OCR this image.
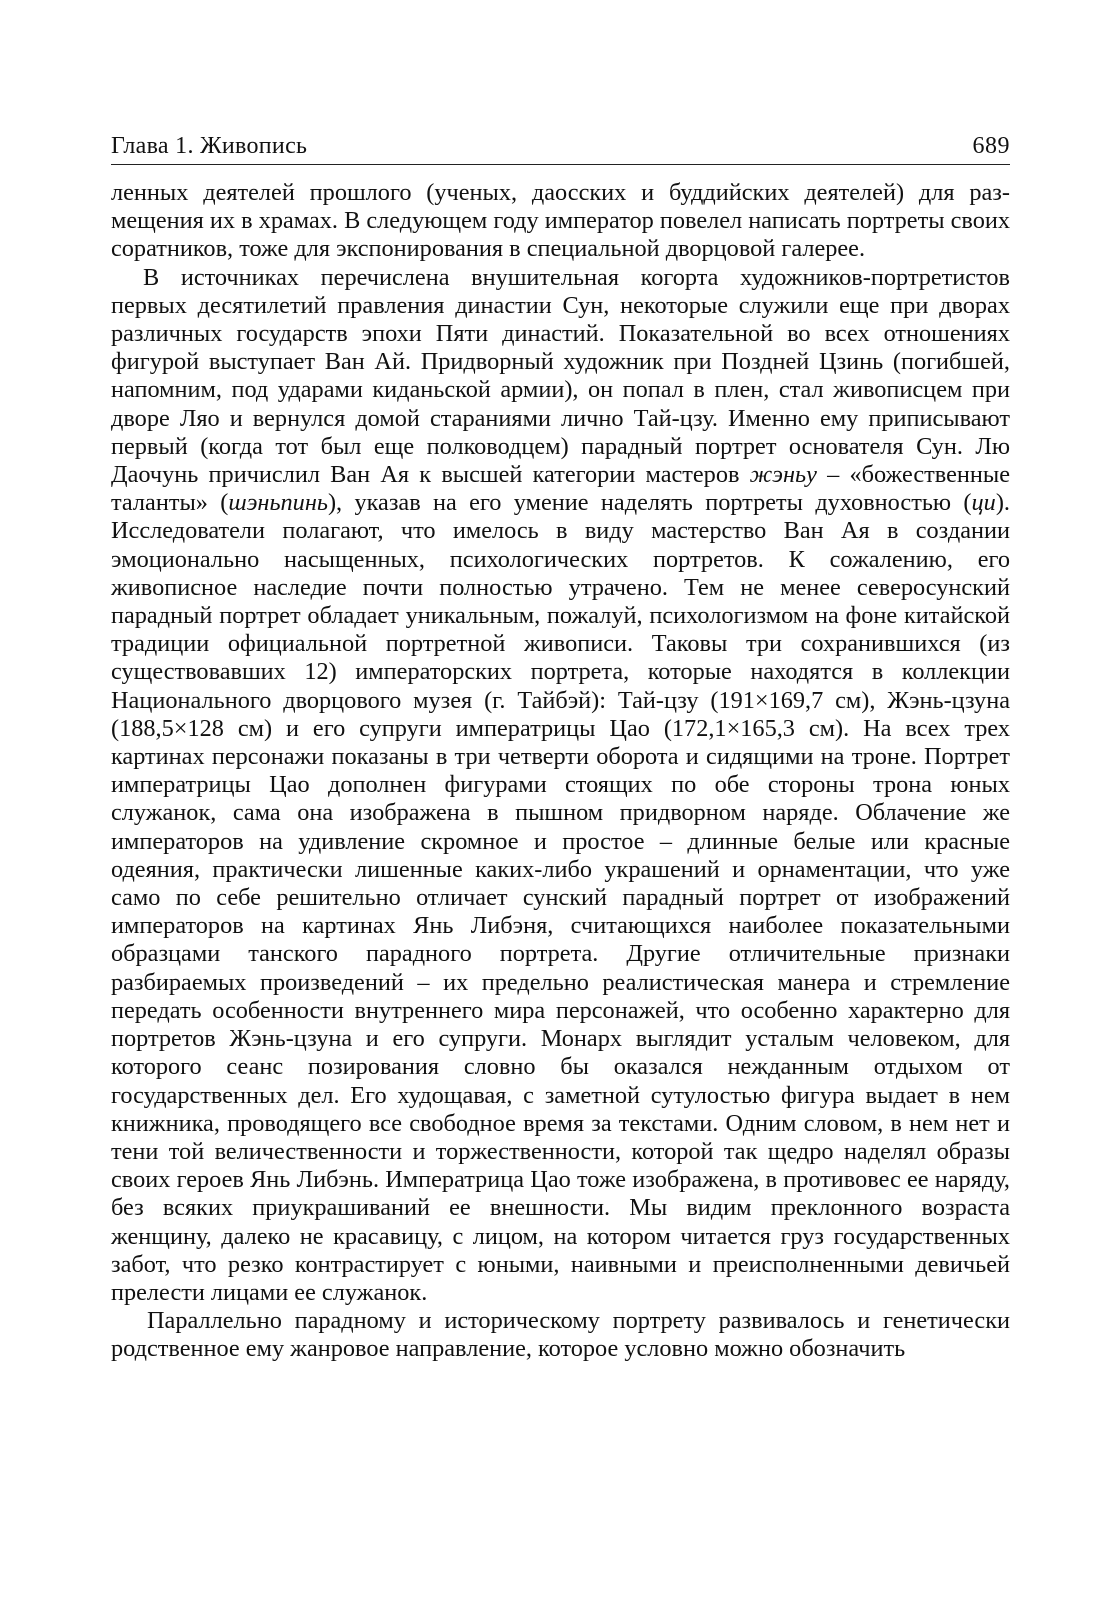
Глава 1. Живопись	689

ленных деятелей прошлого (ученых, даосских и буддийских деятелей) для размещения их в храмах. В следующем году император повелел написать портреты своих соратников, тоже для экспонирования в специальной дворцовой галерее.

В источниках перечислена внушительная когорта художников-портретистов первых десятилетий правления династии Сун, некоторые служили еще при дворах различных государств эпохи Пяти династий. Показательной во всех отношениях фигурой выступает Ван Ай. Придворный художник при Поздней Цзинь (погибшей, напомним, под ударами киданьской армии), он попал в плен, стал живописцем при дворе Ляо и вернулся домой стараниями лично Тай-цзу. Именно ему приписывают первый (когда тот был еще полководцем) парадный портрет основателя Сун. Лю Даочунь причислил Ван Ая к высшей категории мастеров жэньу – «божественные таланты» (шэньпинь), указав на его умение наделять портреты духовностью (ци). Исследователи полагают, что имелось в виду мастерство Ван Ая в создании эмоционально насыщенных, психологических портретов. К сожалению, его живописное наследие почти полностью утрачено. Тем не менее северосунский парадный портрет обладает уникальным, пожалуй, психологизмом на фоне китайской традиции официальной портретной живописи. Таковы три сохранившихся (из существовавших 12) императорских портрета, которые находятся в коллекции Национального дворцового музея (г. Тайбэй): Тай-цзу (191×169,7 см), Жэнь-цзуна (188,5×128 см) и его супруги императрицы Цао (172,1×165,3 см). На всех трех картинах персонажи показаны в три четверти оборота и сидящими на троне. Портрет императрицы Цао дополнен фигурами стоящих по обе стороны трона юных служанок, сама она изображена в пышном придворном наряде. Облачение же императоров на удивление скромное и простое – длинные белые или красные одеяния, практически лишенные каких-либо украшений и орнаментации, что уже само по себе решительно отличает сунский парадный портрет от изображений императоров на картинах Янь Либэня, считающихся наиболее показательными образцами танского парадного портрета. Другие отличительные признаки разбираемых произведений – их предельно реалистическая манера и стремление передать особенности внутреннего мира персонажей, что особенно характерно для портретов Жэнь-цзуна и его супруги. Монарх выглядит усталым человеком, для которого сеанс позирования словно бы оказался нежданным отдыхом от государственных дел. Его худощавая, с заметной сутулостью фигура выдает в нем книжника, проводящего все свободное время за текстами. Одним словом, в нем нет и тени той величественности и торжественности, которой так щедро наделял образы своих героев Янь Либэнь. Императрица Цао тоже изображена, в противовес ее наряду, без всяких приукрашиваний ее внешности. Мы видим преклонного возраста женщину, далеко не красавицу, с лицом, на котором читается груз государственных забот, что резко контрастирует с юными, наивными и преисполненными девичьей прелести лицами ее служанок.

Параллельно парадному и историческому портрету развивалось и генетически родственное ему жанровое направление, которое условно можно обозначить
